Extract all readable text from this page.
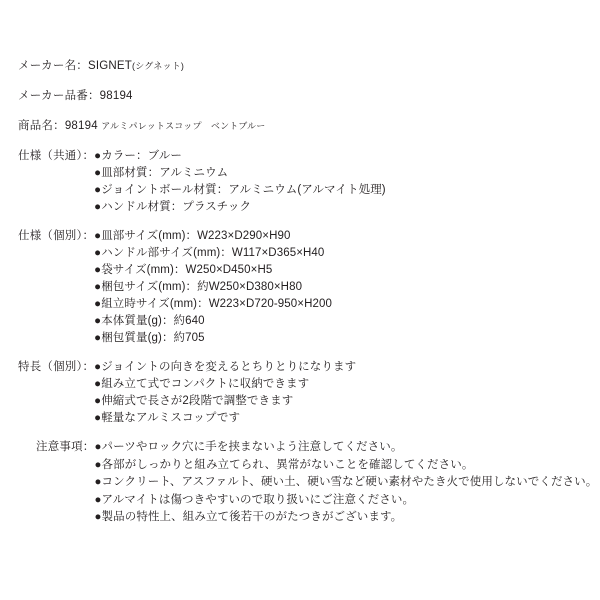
メーカー名：SIGNET(シグネット)
メーカー品番：98194
商品名：98194 アルミパレットスコップ　ベントブルー
仕様（共通）： ●カラー：ブルー
●皿部材質：アルミニウム
●ジョイントボール材質：アルミニウム(アルマイト処理)
●ハンドル材質：プラスチック
仕様（個別）： ●皿部サイズ(mm)：W223×D290×H90
●ハンドル部サイズ(mm)：W117×D365×H40
●袋サイズ(mm)：W250×D450×H5
●梱包サイズ(mm)：約W250×D380×H80
●組立時サイズ(mm)：W223×D720-950×H200
●本体質量(g)：約640
●梱包質量(g)：約705
特長（個別）： ●ジョイントの向きを変えるとちりとりになります
●組み立て式でコンパクトに収納できます
●伸縮式で長さが2段階で調整できます
●軽量なアルミスコップです
注意事項： ●パーツやロック穴に手を挟まないよう注意してください。
●各部がしっかりと組み立てられ、異常がないことを確認してください。
●コンクリート、アスファルト、硬い土、硬い雪など硬い素材やたき火で使用しないでください。
●アルマイトは傷つきやすいので取り扱いにご注意ください。
●製品の特性上、組み立て後若干のがたつきがございます。
